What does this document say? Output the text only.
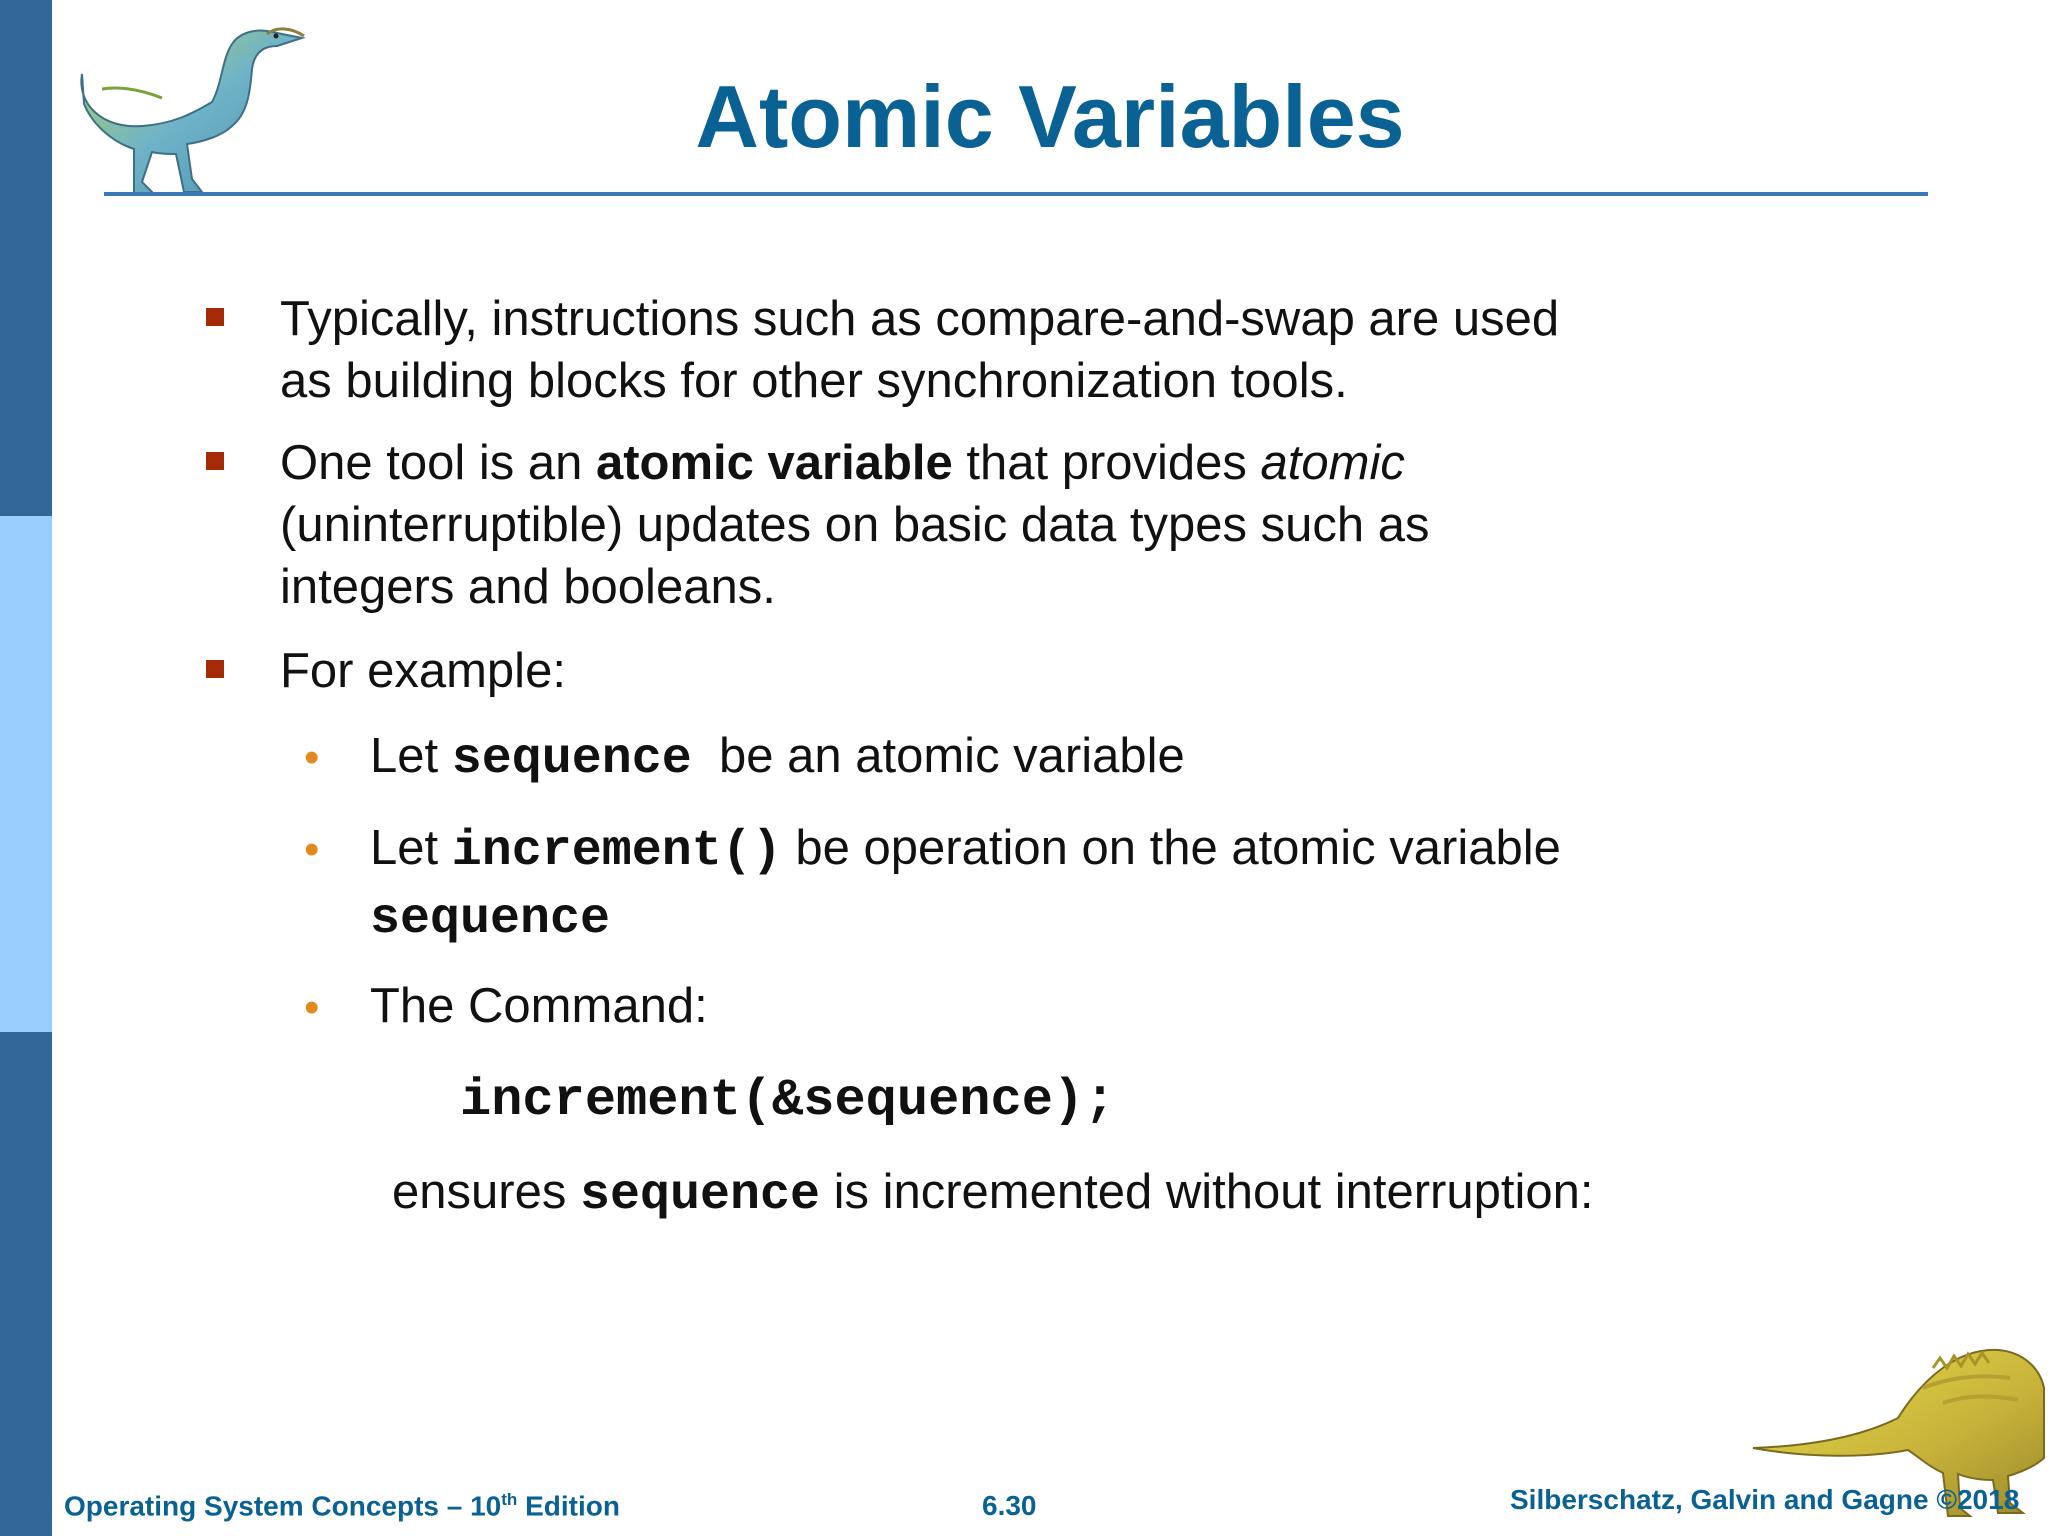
Atomic Variables
Typically, instructions such as compare-and-swap are used
as building blocks for other synchronization tools.
One tool is an atomic variable that provides atomic
(uninterruptible) updates on basic data types such as
integers and booleans.
For example:
• Let sequence  be an atomic variable
• Let increment() be operation on the atomic variable
sequence
• The Command:
increment(&sequence);
ensures sequence is incremented without interruption:
Operating System Concepts – 10th Edition	6.30	Silberschatz, Galvin and Gagne ©2018
